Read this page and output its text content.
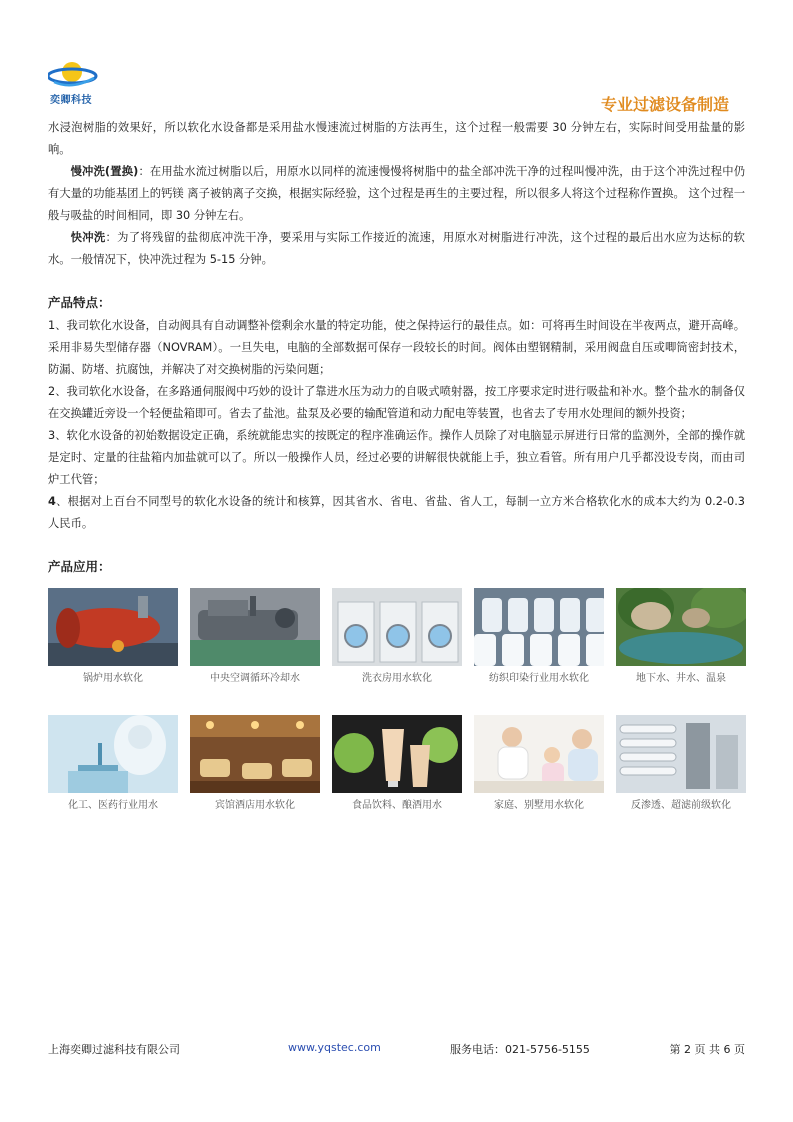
奕卿科技	专业过滤设备制造

水浸泡树脂的效果好，所以软化水设备都是采用盐水慢速流过树脂的方法再生，这个过程一般需要 30 分钟左右，实际时间受用盐量的影响。

慢冲洗(置换)：在用盐水流过树脂以后，用原水以同样的流速慢慢将树脂中的盐全部冲洗干净的过程叫慢冲洗，由于这个冲洗过程中仍有大量的功能基团上的钙镁 离子被钠离子交换，根据实际经验，这个过程是再生的主要过程，所以很多人将这个过程称作置换。 这个过程一般与吸盐的时间相同，即 30 分钟左右。

快冲洗：为了将残留的盐彻底冲洗干净，要采用与实际工作接近的流速，用原水对树脂进行冲洗，这个过程的最后出水应为达标的软水。一般情况下，快冲洗过程为 5-15 分钟。

产品特点：

1、我司软化水设备，自动阀具有自动调整补偿剩余水量的特定功能，使之保持运行的最佳点。如：可将再生时间设在半夜两点，避开高峰。采用非易失型储存器（NOVRAM）。一旦失电，电脑的全部数据可保存一段较长的时间。阀体由塑钢精制，采用阀盘自压或唧筒密封技术，防漏、防堵、抗腐蚀，并解决了对交换树脂的污染问题；

2、我司软化水设备，在多路通伺服阀中巧妙的设计了靠进水压为动力的自吸式喷射器，按工序要求定时进行吸盐和补水。整个盐水的制备仅在交换罐近旁设一个轻便盐箱即可。省去了盐池。盐泵及必要的输配管道和动力配电等装置，也省去了专用水处理间的额外投资；

3、软化水设备的初始数据设定正确，系统就能忠实的按既定的程序准确运作。操作人员除了对电脑显示屏进行日常的监测外，全部的操作就是定时、定量的往盐箱内加盐就可以了。所以一般操作人员，经过必要的讲解很快就能上手，独立看管。所有用户几乎都没设专岗，而由司炉工代管；

4、根据对上百台不同型号的软化水设备的统计和核算，因其省水、省电、省盐、省人工，每制一立方米合格软化水的成本大约为 0.2-0.3 人民币。

产品应用：
锅炉用水软化	中央空调循环冷却水	洗衣房用水软化	纺织印染行业用水软化	地下水、井水、温泉
化工、医药行业用水	宾馆酒店用水软化	食品饮料、酿酒用水	家庭、别墅用水软化	反渗透、超滤前级软化
上海奕卿过滤科技有限公司	www.yqstec.com	服务电话：021-5756-5155	第 2 页 共 6 页
